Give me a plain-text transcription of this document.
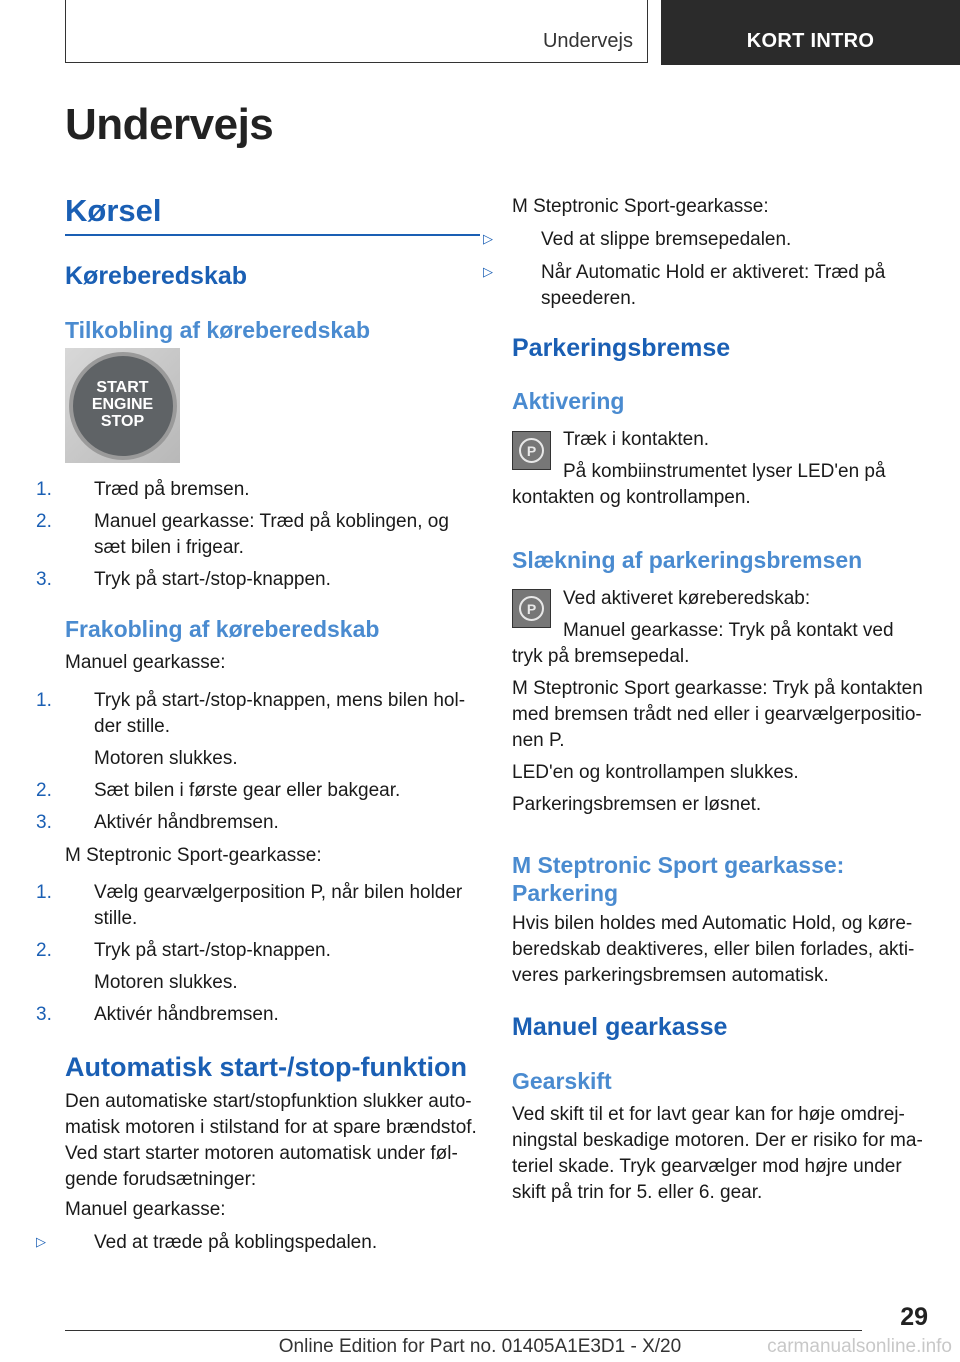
Undervejs	KORT INTRO
Undervejs
Kørsel
Køreberedskab
Tilkobling af køreberedskab
START
ENGINE
STOP
1. Træd på bremsen.
2. Manuel gearkasse: Træd på koblingen, og sæt bilen i frigear.
3. Tryk på start-/stop-knappen.
Frakobling af køreberedskab
Manuel gearkasse:
1. Tryk på start-/stop-knappen, mens bilen hol-der stille.
Motoren slukkes.
2. Sæt bilen i første gear eller bakgear.
3. Aktivér håndbremsen.
M Steptronic Sport-gearkasse:
1. Vælg gearvælgerposition P, når bilen holder stille.
2. Tryk på start-/stop-knappen.
Motoren slukkes.
3. Aktivér håndbremsen.
Automatisk start-/stop-funktion
Den automatiske start/stopfunktion slukker auto-matisk motoren i stilstand for at spare brændstof. Ved start starter motoren automatisk under føl-gende forudsætninger:
Manuel gearkasse:
▷	Ved at træde på koblingspedalen.
M Steptronic Sport-gearkasse:
▷	Ved at slippe bremsepedalen.
▷	Når Automatic Hold er aktiveret: Træd på speederen.
Parkeringsbremse
Aktivering
P
Træk i kontakten.
På kombiinstrumentet lyser LED'en på kontakten og kontrollampen.
Slækning af parkeringsbremsen
P	Ved aktiveret køreberedskab:
Manuel gearkasse: Tryk på kontakt ved tryk på bremsepedal.
M Steptronic Sport gearkasse: Tryk på kontakten med bremsen trådt ned eller i gearvælgerpositio-nen P.
LED'en og kontrollampen slukkes.
Parkeringsbremsen er løsnet.
M Steptronic Sport gearkasse:
Parkering
Hvis bilen holdes med Automatic Hold, og køre-beredskab deaktiveres, eller bilen forlades, akti-veres parkeringsbremsen automatisk.
Manuel gearkasse
Gearskift
Ved skift til et for lavt gear kan for høje omdrej-ningstal beskadige motoren. Der er risiko for ma-teriel skade. Tryk gearvælger mod højre under skift på trin for 5. eller 6. gear.
29
Online Edition for Part no. 01405A1E3D1 - X/20	carmanualsonline.info
